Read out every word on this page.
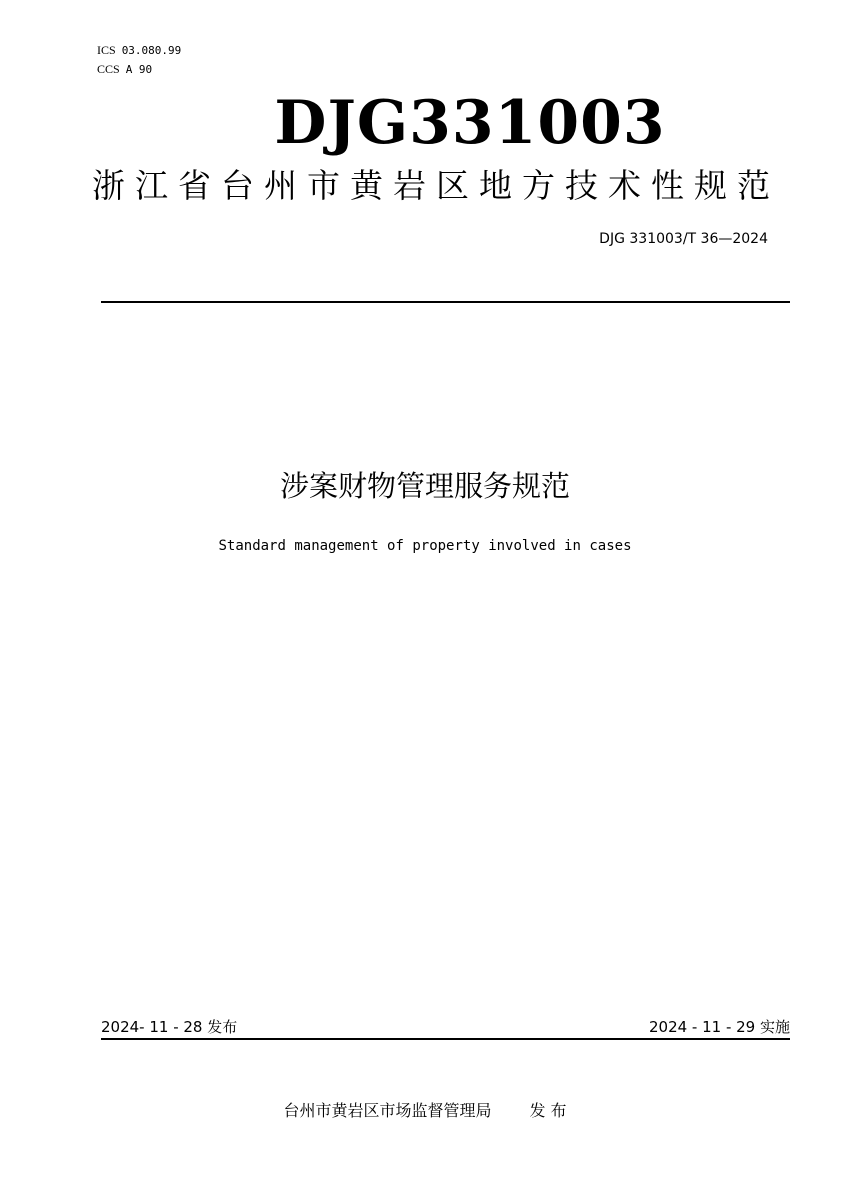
ICS 03.080.99
CCS A 90
DJG331003
浙江省台州市黄岩区地方技术性规范
DJG 331003/T 36—2024
涉案财物管理服务规范
Standard management of property involved in cases
2024- 11 - 28 发布	2024 - 11 - 29 实施
台州市黄岩区市场监督管理局 发 布
